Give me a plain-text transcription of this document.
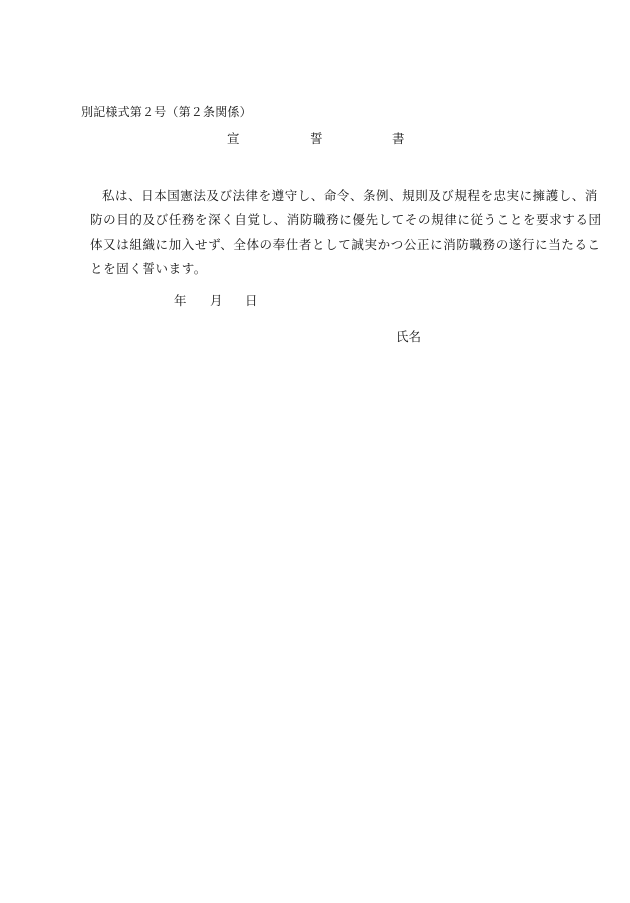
別記様式第２号（第２条関係）
宣	誓	書
私は、日本国憲法及び法律を遵守し、命令、条例、規則及び規程を忠実に擁護し、消
防の目的及び任務を深く自覚し、消防職務に優先してその規律に従うことを要求する団
体又は組織に加入せず、全体の奉仕者として誠実かつ公正に消防職務の遂行に当たるこ
とを固く誓います。
年 月 日
氏名
